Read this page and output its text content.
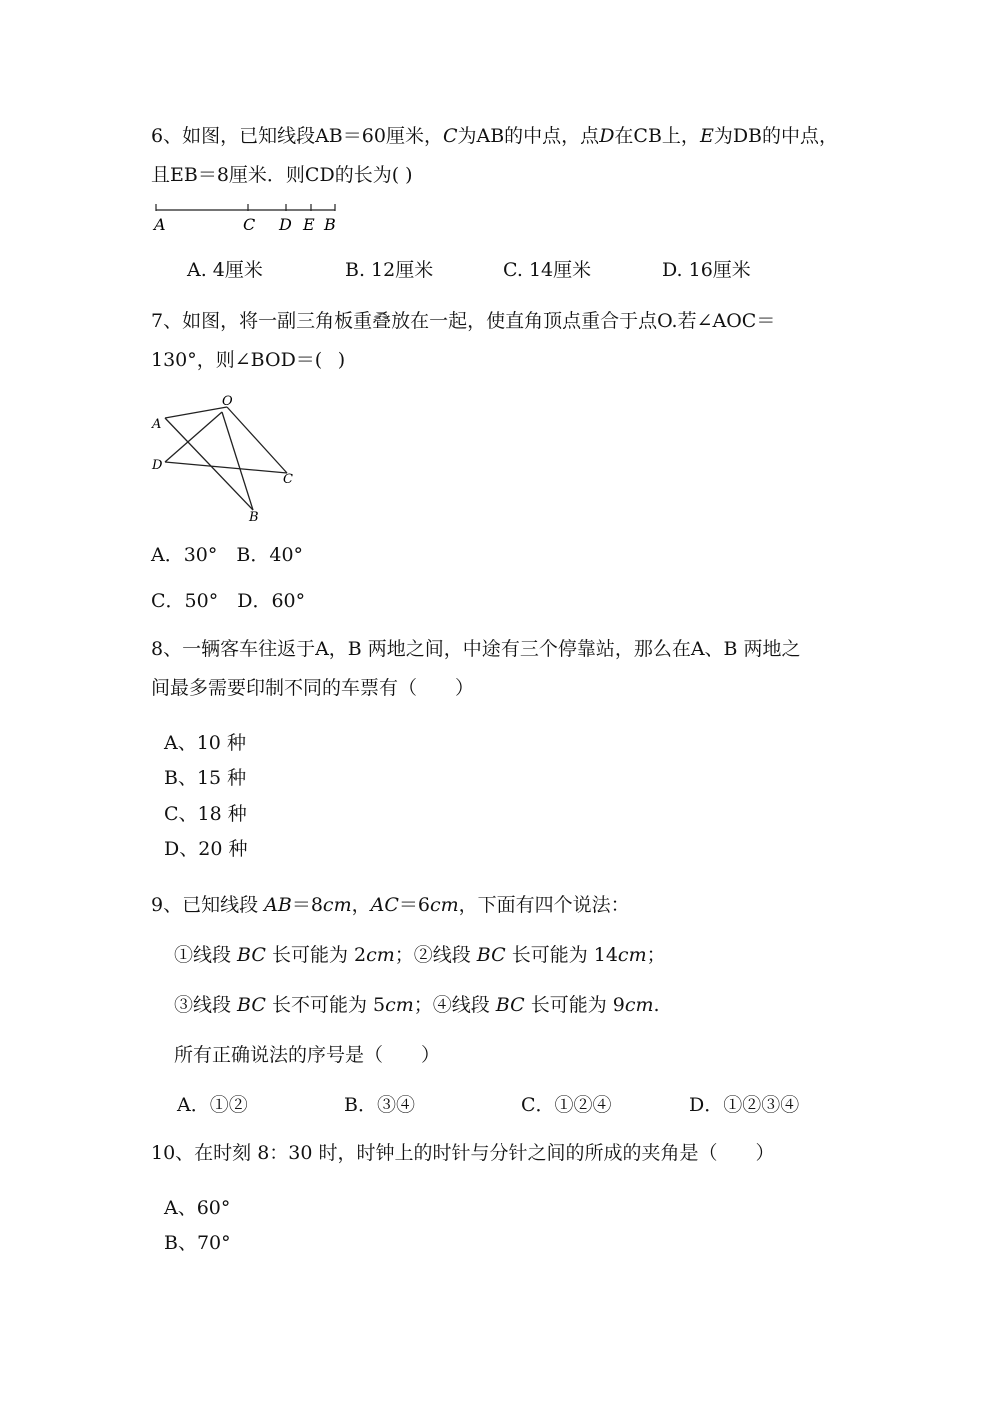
6、如图，已知线段AB＝60厘米，C为AB的中点，点D在CB上，E为DB的中点，
且EB＝8厘米．则CD的长为( )
A	C D E B
A. 4厘米	B. 12厘米	C. 14厘米	D. 16厘米
7、如图，将一副三角板重叠放在一起，使直角顶点重合于点O.若∠AOC＝
130°，则∠BOD＝(  )
O
A
D
C
B
A．30° B．40°
C．50° D．60°
8、一辆客车往返于A，B 两地之间，中途有三个停靠站，那么在A、B 两地之
间最多需要印制不同的车票有（  ）
A、10 种
B、15 种
C、18 种
D、20 种
9、已知线段 AB＝8cm，AC＝6cm，下面有四个说法：
①线段 BC 长可能为 2cm；②线段 BC 长可能为 14cm；
③线段 BC 长不可能为 5cm；④线段 BC 长可能为 9cm.
所有正确说法的序号是（  ）
A．①②	B．③④	C．①②④	D．①②③④
10、在时刻 8：30 时，时钟上的时针与分针之间的所成的夹角是（  ）
A、60°
B、70°
